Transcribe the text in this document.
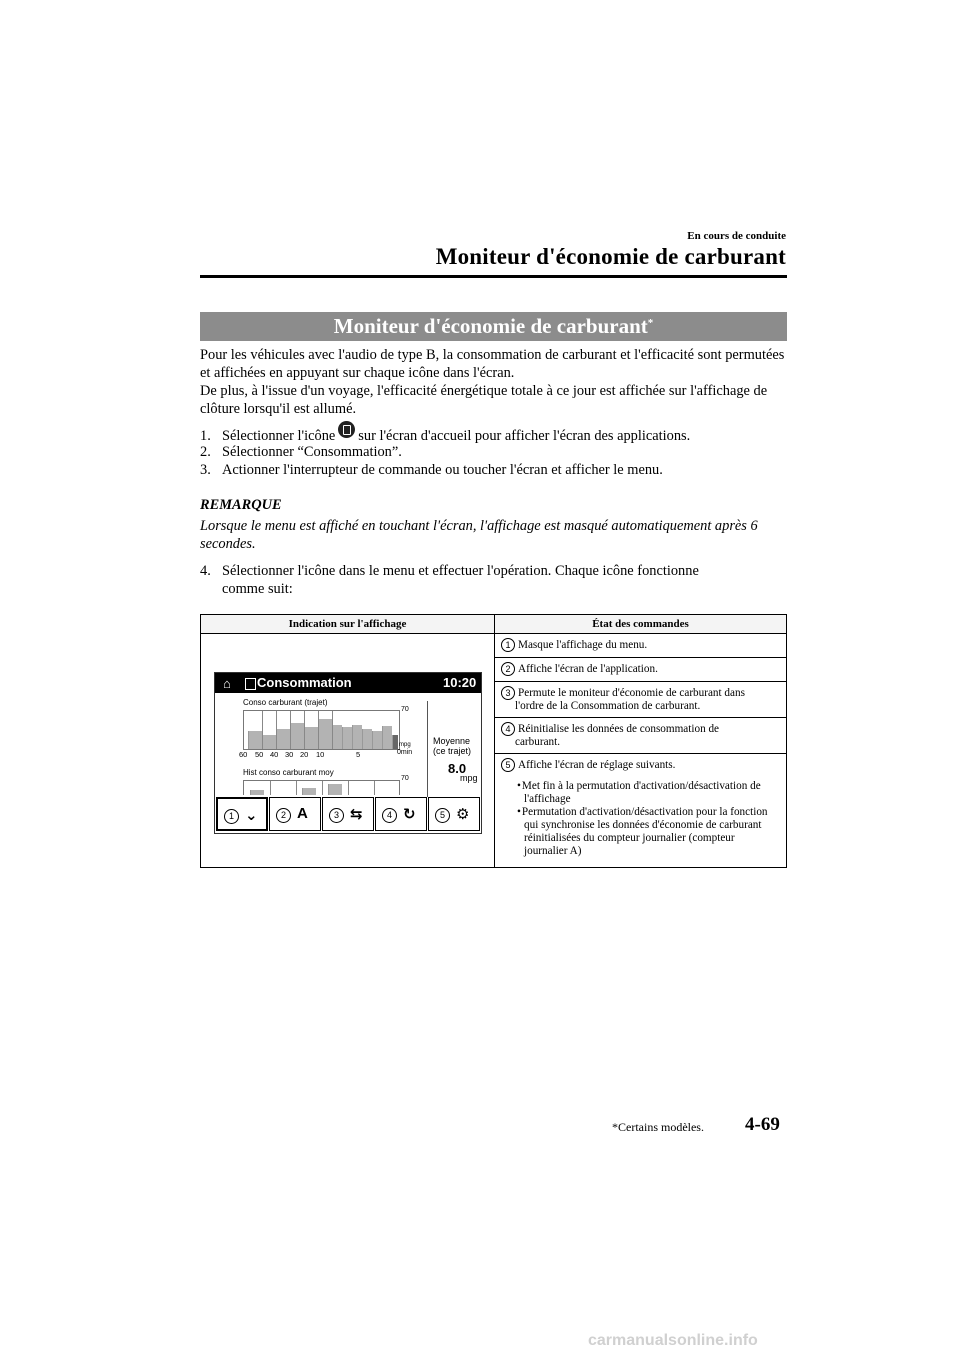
En cours de conduite
Moniteur d'économie de carburant
Moniteur d'économie de carburant*
Pour les véhicules avec l'audio de type B, la consommation de carburant et l'efficacité sont permutées et affichées en appuyant sur chaque icône dans l'écran.
De plus, à l'issue d'un voyage, l'efficacité énergétique totale à ce jour est affichée sur l'affichage de clôture lorsqu'il est allumé.
1. Sélectionner l'icône sur l'écran d'accueil pour afficher l'écran des applications.
2. Sélectionner “Consommation”.
3. Actionner l'interrupteur de commande ou toucher l'écran et afficher le menu.
REMARQUE
Lorsque le menu est affiché en touchant l'écran, l'affichage est masqué automatiquement après 6 secondes.
4. Sélectionner l'icône dans le menu et effectuer l'opération. Chaque icône fonctionne
comme suit:
Indication sur l'affichage	État des commandes
⌂ Consommation	10:20
Conso carburant (trajet)
70
mpg
0min
60 50 40 30 20 10	5
Moyenne
(ce trajet)
8.0
mpg
Hist conso carburant moy
70
1 ⌄	2 A	3 ⇆	4 ↻	5 ⚙
1 Masque l'affichage du menu.
2 Affiche l'écran de l'application.
3 Permute le moniteur d'économie de carburant dans
l'ordre de la Consommation de carburant.
4 Réinitialise les données de consommation de
carburant.
5 Affiche l'écran de réglage suivants.
• Met fin à la permutation d'activation/désactivation de l'affichage
• Permutation d'activation/désactivation pour la fonction qui synchronise les données d'économie de carburant réinitialisées du compteur journalier (compteur journalier A)
*Certains modèles. 4-69
carmanualsonline.info
